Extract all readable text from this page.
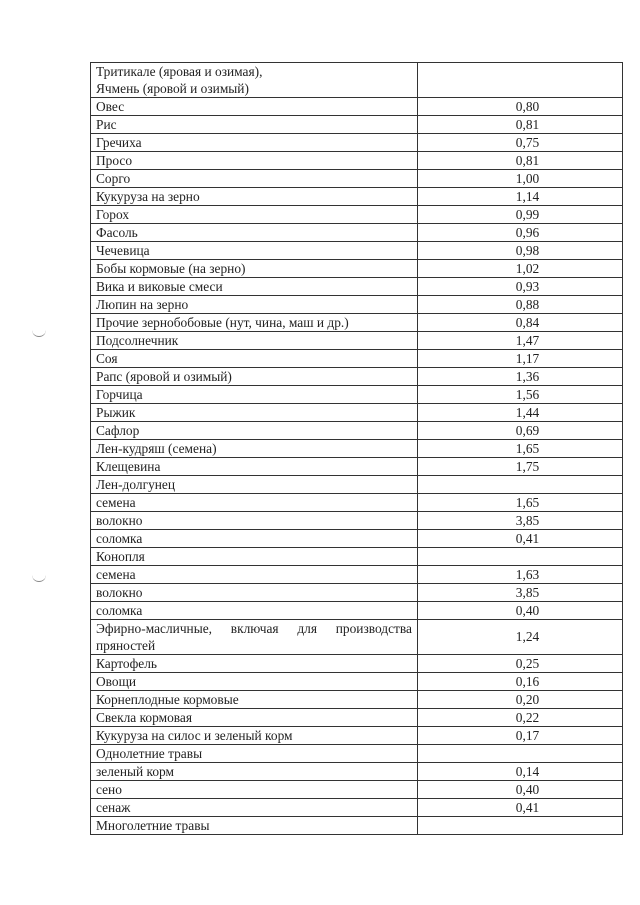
Тритикале (яровая и озимая),
Ячмень (яровой и озимый)	
Овес	0,80
Рис	0,81
Гречиха	0,75
Просо	0,81
Сорго	1,00
Кукуруза на зерно	1,14
Горох	0,99
Фасоль	0,96
Чечевица	0,98
Бобы кормовые (на зерно)	1,02
Вика и виковые смеси	0,93
Люпин на зерно	0,88
Прочие зернобобовые (нут, чина, маш и др.)	0,84
Подсолнечник	1,47
Соя	1,17
Рапс (яровой и озимый)	1,36
Горчица	1,56
Рыжик	1,44
Сафлор	0,69
Лен-кудряш (семена)	1,65
Клещевина	1,75
Лен-долгунец	
семена	1,65
волокно	3,85
соломка	0,41
Конопля	
семена	1,63
волокно	3,85
соломка	0,40
Эфирно-масличные, включая для производства пряностей	1,24
Картофель	0,25
Овощи	0,16
Корнеплодные кормовые	0,20
Свекла кормовая	0,22
Кукуруза на силос и зеленый корм	0,17
Однолетние травы	
зеленый корм	0,14
сено	0,40
сенаж	0,41
Многолетние травы	
